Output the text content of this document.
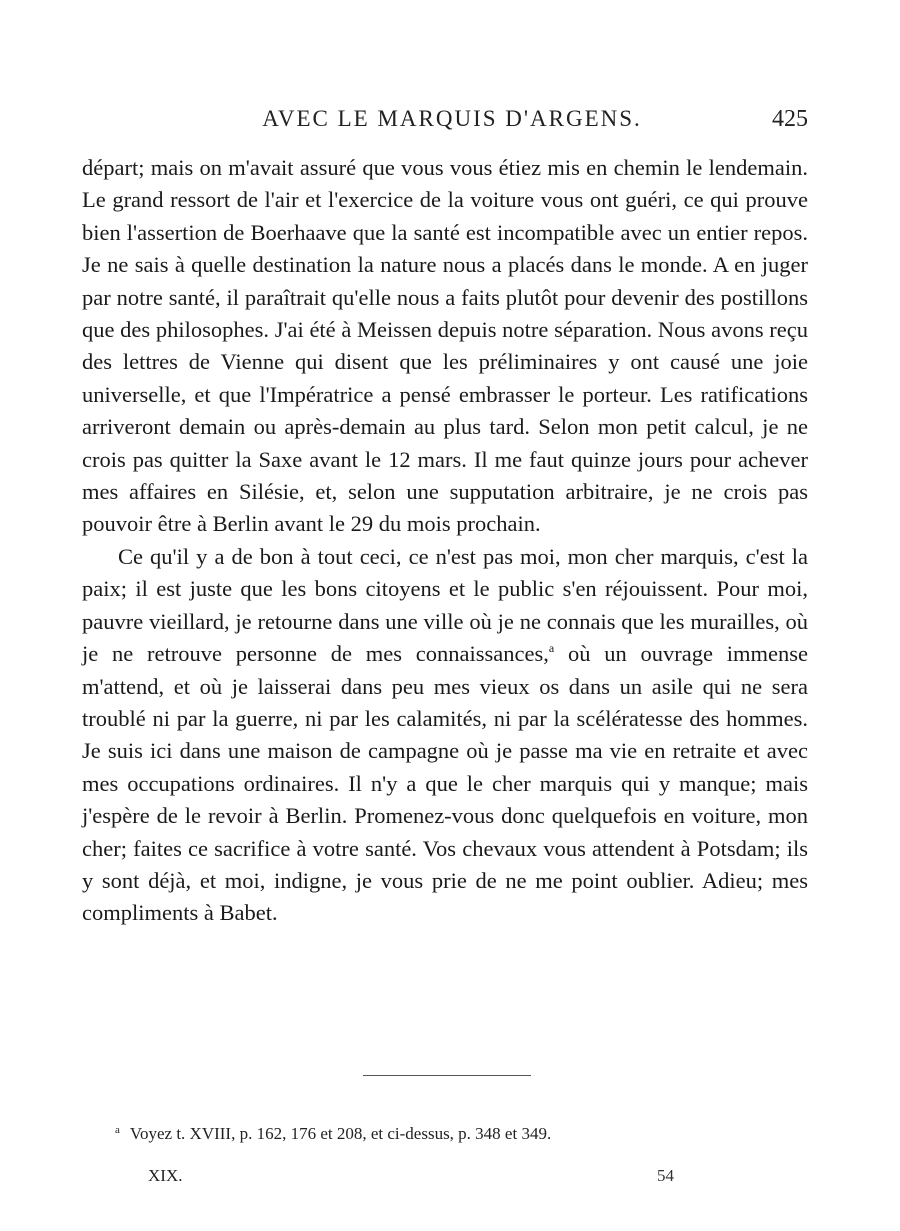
AVEC LE MARQUIS D'ARGENS.	425

départ; mais on m'avait assuré que vous vous étiez mis en chemin le lendemain. Le grand ressort de l'air et l'exercice de la voiture vous ont guéri, ce qui prouve bien l'assertion de Boerhaave que la santé est incompatible avec un entier repos. Je ne sais à quelle destination la nature nous a placés dans le monde. A en juger par notre santé, il paraîtrait qu'elle nous a faits plutôt pour devenir des postillons que des philosophes. J'ai été à Meissen depuis notre séparation. Nous avons reçu des lettres de Vienne qui disent que les préliminaires y ont causé une joie universelle, et que l'Impératrice a pensé embrasser le porteur. Les ratifications arriveront demain ou après-demain au plus tard. Selon mon petit calcul, je ne crois pas quitter la Saxe avant le 12 mars. Il me faut quinze jours pour achever mes affaires en Silésie, et, selon une supputation arbitraire, je ne crois pas pouvoir être à Berlin avant le 29 du mois prochain.

Ce qu'il y a de bon à tout ceci, ce n'est pas moi, mon cher marquis, c'est la paix; il est juste que les bons citoyens et le public s'en réjouissent. Pour moi, pauvre vieillard, je retourne dans une ville où je ne connais que les murailles, où je ne retrouve personne de mes connaissances,$^a$ où un ouvrage immense m'attend, et où je laisserai dans peu mes vieux os dans un asile qui ne sera troublé ni par la guerre, ni par les calamités, ni par la scélératesse des hommes. Je suis ici dans une maison de campagne où je passe ma vie en retraite et avec mes occupations ordinaires. Il n'y a que le cher marquis qui y manque; mais j'espère de le revoir à Berlin. Promenez-vous donc quelquefois en voiture, mon cher; faites ce sacrifice à votre santé. Vos chevaux vous attendent à Potsdam; ils y sont déjà, et moi, indigne, je vous prie de ne me point oublier. Adieu; mes compliments à Babet.

$^a$ Voyez t. XVIII, p. 162, 176 et 208, et ci-dessus, p. 348 et 349.
XIX.	54
